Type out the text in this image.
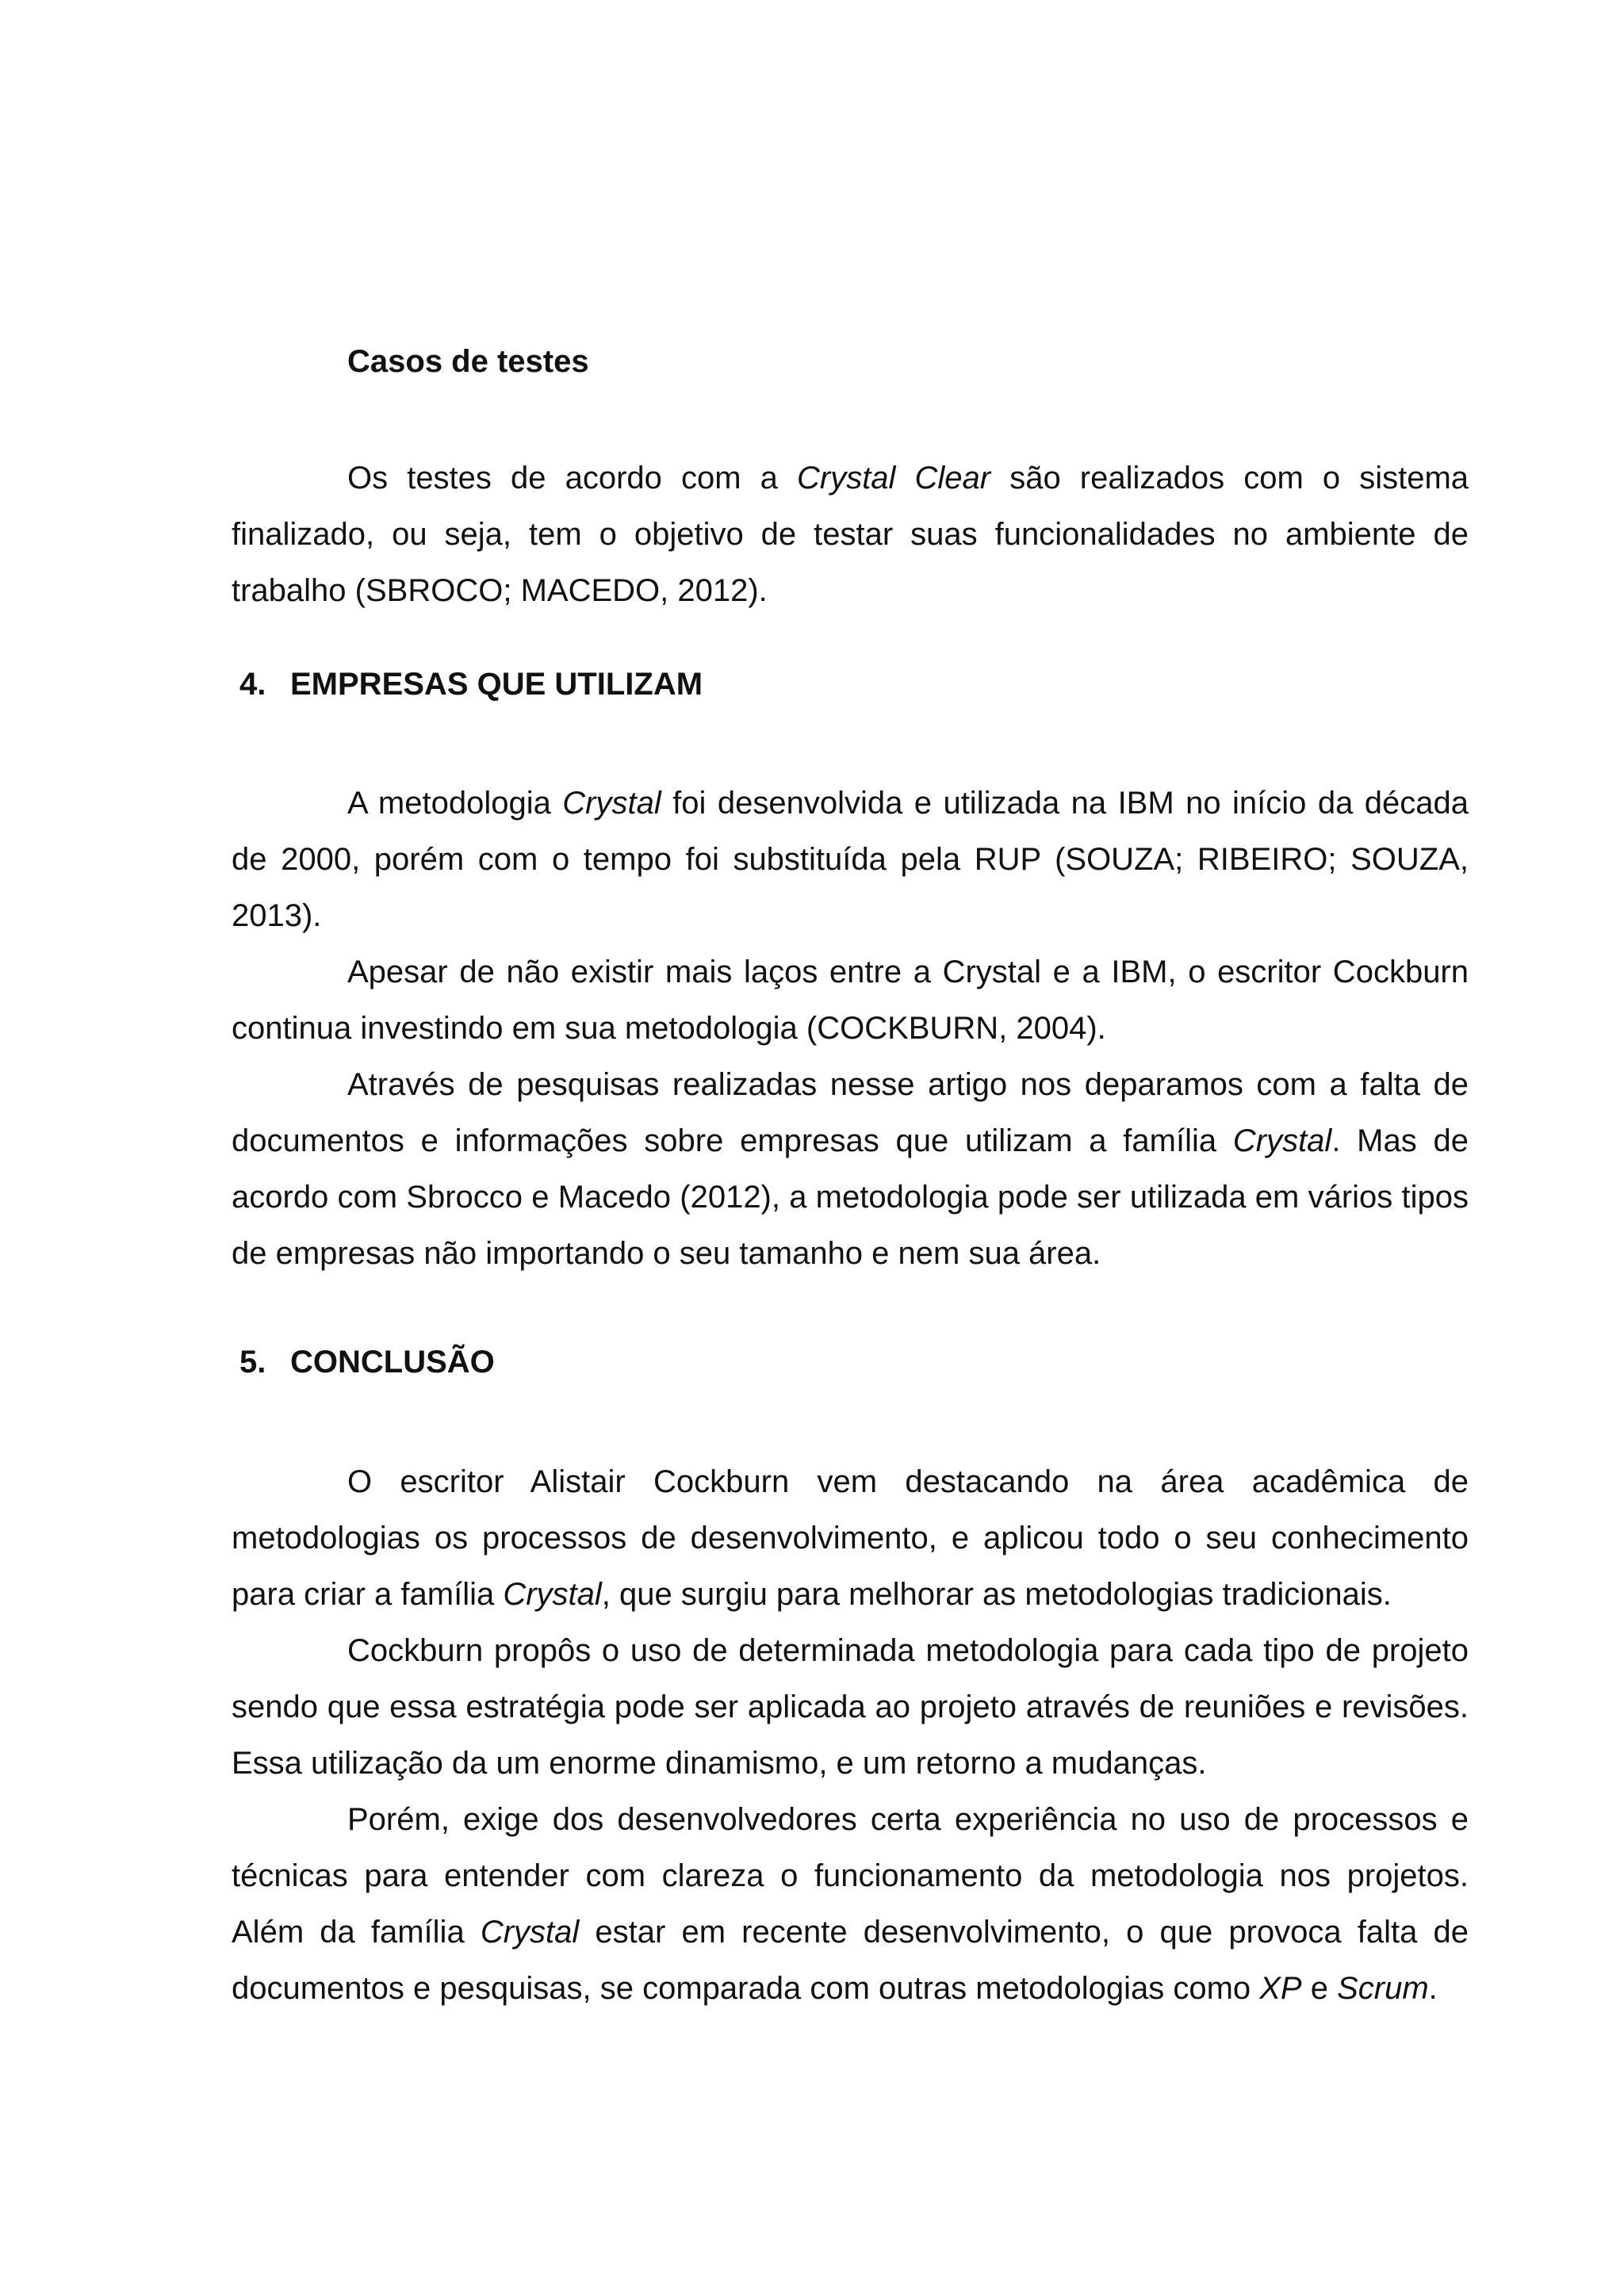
Casos de testes

Os testes de acordo com a Crystal Clear são realizados com o sistema finalizado, ou seja, tem o objetivo de testar suas funcionalidades no ambiente de trabalho (SBROCO; MACEDO, 2012).

4. EMPRESAS QUE UTILIZAM

A metodologia Crystal foi desenvolvida e utilizada na IBM no início da década de 2000, porém com o tempo foi substituída pela RUP (SOUZA; RIBEIRO; SOUZA, 2013).

Apesar de não existir mais laços entre a Crystal e a IBM, o escritor Cockburn continua investindo em sua metodologia (COCKBURN, 2004).

Através de pesquisas realizadas nesse artigo nos deparamos com a falta de documentos e informações sobre empresas que utilizam a família Crystal. Mas de acordo com Sbrocco e Macedo (2012), a metodologia pode ser utilizada em vários tipos de empresas não importando o seu tamanho e nem sua área.

5. CONCLUSÃO

O escritor Alistair Cockburn vem destacando na área acadêmica de metodologias os processos de desenvolvimento, e aplicou todo o seu conhecimento para criar a família Crystal, que surgiu para melhorar as metodologias tradicionais.

Cockburn propôs o uso de determinada metodologia para cada tipo de projeto sendo que essa estratégia pode ser aplicada ao projeto através de reuniões e revisões. Essa utilização da um enorme dinamismo, e um retorno a mudanças.

Porém, exige dos desenvolvedores certa experiência no uso de processos e técnicas para entender com clareza o funcionamento da metodologia nos projetos. Além da família Crystal estar em recente desenvolvimento, o que provoca falta de documentos e pesquisas, se comparada com outras metodologias como XP e Scrum.
